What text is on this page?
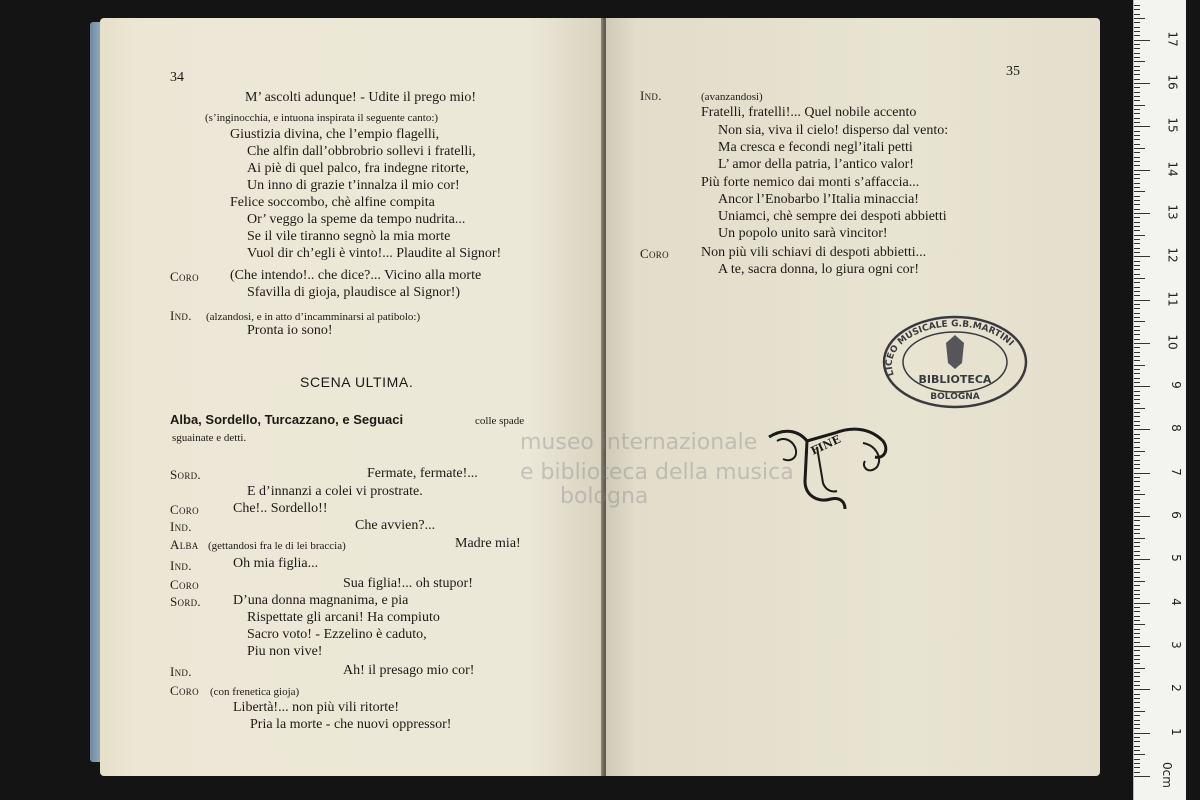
34
M’ ascolti adunque! - Udite il prego mio!
(s’inginocchia, e intuona inspirata il seguente canto:)
Giustizia divina, che l’empio flagelli,
Che alfin dall’obbrobrio sollevi i fratelli,
Ai piè di quel palco, fra indegne ritorte,
Un inno di grazie t’innalza il mio cor!
Felice soccombo, chè alfine compita
Or’ veggo la speme da tempo nudrita...
Se il vile tiranno segnò la mia morte
Vuol dir ch’egli è vinto!... Plaudite al Signor!
Coro (Che intendo!.. che dice?... Vicino alla morte
Sfavilla di gioja, plaudisce al Signor!)
Ind. (alzandosi, e in atto d’incamminarsi al patibolo:)
Pronta io sono!
SCENA ULTIMA.
Alba, Sordello, Turcazzano, e Seguaci	colle spade
sguainate e detti.
Sord.	Fermate, fermate!...
E d’innanzi a colei vi prostrate.
Coro Che!.. Sordello!!
Ind.	Che avvien?...
Alba (gettandosi fra le di lei braccia)	Madre mia!
Ind.	Oh mia figlia...
Coro	Sua figlia!... oh stupor!
Sord. D’una donna magnanima, e pia
Rispettate gli arcani! Ha compiuto
Sacro voto! - Ezzelino è caduto,
Piu non vive!
Ind.	Ah! il presago mio cor!
Coro (con frenetica gioja)
Libertà!... non più vili ritorte!
Pria la morte - che nuovi oppressor!
35
Ind.	(avanzandosi)
Fratelli, fratelli!... Quel nobile accento
Non sia, viva il cielo! disperso dal vento:
Ma cresca e fecondi negl’itali petti
L’ amor della patria, l’antico valor!
Più forte nemico dai monti s’affaccia...
Ancor l’Enobarbo l’Italia minaccia!
Uniamci, chè sempre dei despoti abbietti
Un popolo unito sarà vincitor!
Coro Non più vili schiavi di despoti abbietti...
A te, sacra donna, lo giura ogni cor!
LICEO MUSICALE G.B.MARTINI
BIBLIOTECA
BOLOGNA
FINE
museo internazionale
e biblioteca della musica
bologna
0cm
1
2
3
4
5
6
7
8
9
10
11
12
13
14
15
16
17
